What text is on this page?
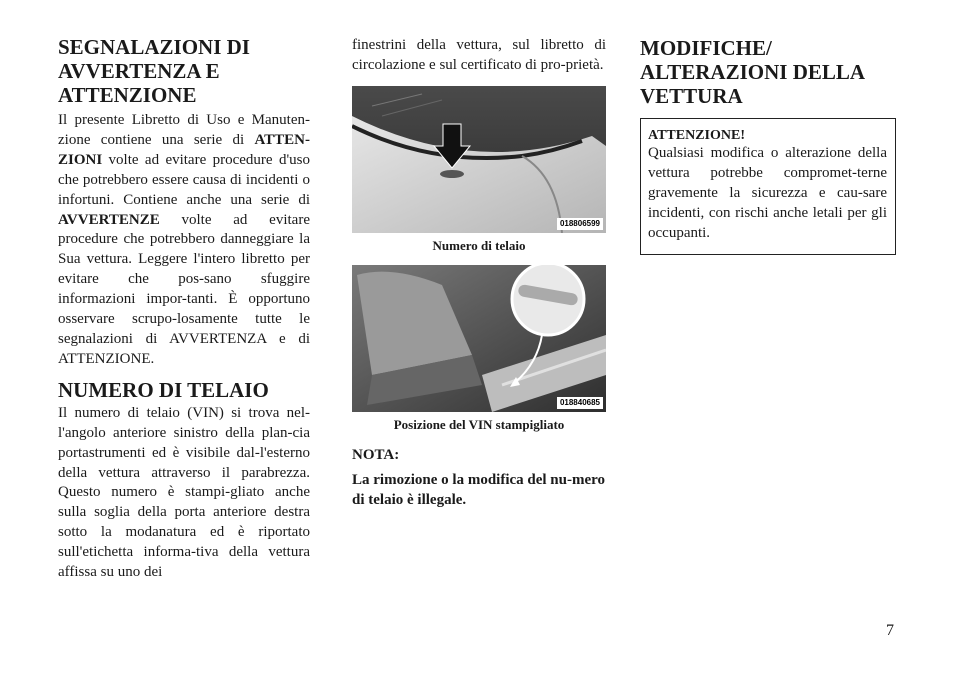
SEGNALAZIONI DI AVVERTENZA E ATTENZIONE

Il presente Libretto di Uso e Manuten-zione contiene una serie di ATTEN-ZIONI volte ad evitare procedure d'uso che potrebbero essere causa di incidenti o infortuni. Contiene anche una serie di AVVERTENZE volte ad evitare procedure che potrebbero danneggiare la Sua vettura. Leggere l'intero libretto per evitare che pos-sano sfuggire informazioni impor-tanti. È opportuno osservare scrupo-losamente tutte le segnalazioni di AVVERTENZA e di ATTENZIONE.

NUMERO DI TELAIO

Il numero di telaio (VIN) si trova nel-l'angolo anteriore sinistro della plan-cia portastrumenti ed è visibile dal-l'esterno della vettura attraverso il parabrezza. Questo numero è stampi-gliato anche sulla soglia della porta anteriore destra sotto la modanatura ed è riportato sull'etichetta informa-tiva della vettura affissa su uno dei

finestrini della vettura, sul libretto di circolazione e sul certificato di pro-prietà.

018806599
Numero di telaio
018840685
Posizione del VIN stampigliato
NOTA:

La rimozione o la modifica del nu-mero di telaio è illegale.

MODIFICHE/ ALTERAZIONI DELLA VETTURA
ATTENZIONE!

Qualsiasi modifica o alterazione della vettura potrebbe compromet-terne gravemente la sicurezza e cau-sare incidenti, con rischi anche letali per gli occupanti.

7
